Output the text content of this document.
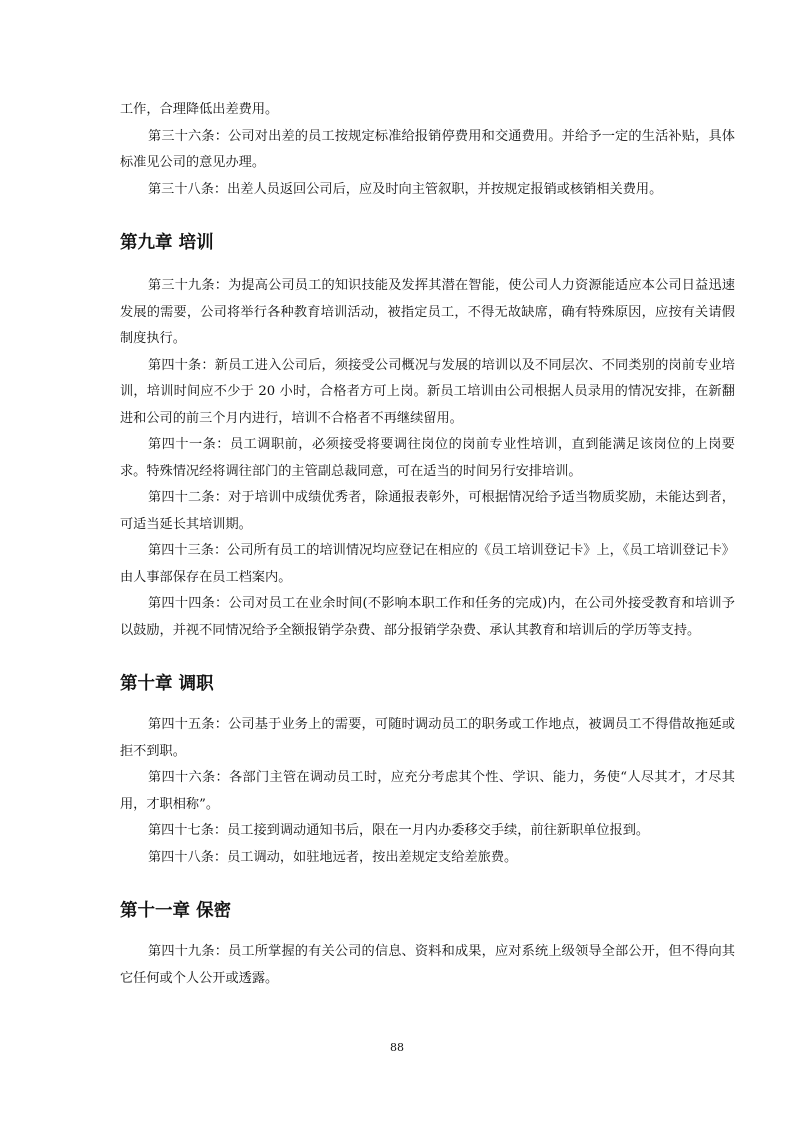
工作，合理降低出差费用。

第三十六条：公司对出差的员工按规定标准给报销停费用和交通费用。并给予一定的生活补贴，具体标准见公司的意见办理。

第三十八条：出差人员返回公司后，应及时向主管叙职，并按规定报销或核销相关费用。

第九章 培训

第三十九条：为提高公司员工的知识技能及发挥其潜在智能，使公司人力资源能适应本公司日益迅速发展的需要，公司将举行各种教育培训活动，被指定员工，不得无故缺席，确有特殊原因，应按有关请假制度执行。

第四十条：新员工进入公司后，须接受公司概况与发展的培训以及不同层次、不同类别的岗前专业培训，培训时间应不少于 20 小时，合格者方可上岗。新员工培训由公司根据人员录用的情况安排，在新翻进和公司的前三个月内进行，培训不合格者不再继续留用。

第四十一条：员工调职前，必须接受将要调往岗位的岗前专业性培训，直到能满足该岗位的上岗要求。特殊情况经将调往部门的主管副总裁同意，可在适当的时间另行安排培训。

第四十二条：对于培训中成绩优秀者，除通报表彰外，可根据情况给予适当物质奖励，未能达到者，可适当延长其培训期。

第四十三条：公司所有员工的培训情况均应登记在相应的《员工培训登记卡》上，《员工培训登记卡》由人事部保存在员工档案内。

第四十四条：公司对员工在业余时间(不影响本职工作和任务的完成)内，在公司外接受教育和培训予以鼓励，并视不同情况给予全额报销学杂费、部分报销学杂费、承认其教育和培训后的学历等支持。

第十章 调职

第四十五条：公司基于业务上的需要，可随时调动员工的职务或工作地点，被调员工不得借故拖延或拒不到职。

第四十六条：各部门主管在调动员工时，应充分考虑其个性、学识、能力，务使“人尽其才，才尽其用，才职相称”。

第四十七条：员工接到调动通知书后，限在一月内办委移交手续，前往新职单位报到。

第四十八条：员工调动，如驻地远者，按出差规定支给差旅费。

第十一章 保密

第四十九条：员工所掌握的有关公司的信息、资料和成果，应对系统上级领导全部公开，但不得向其它任何或个人公开或透露。

88
